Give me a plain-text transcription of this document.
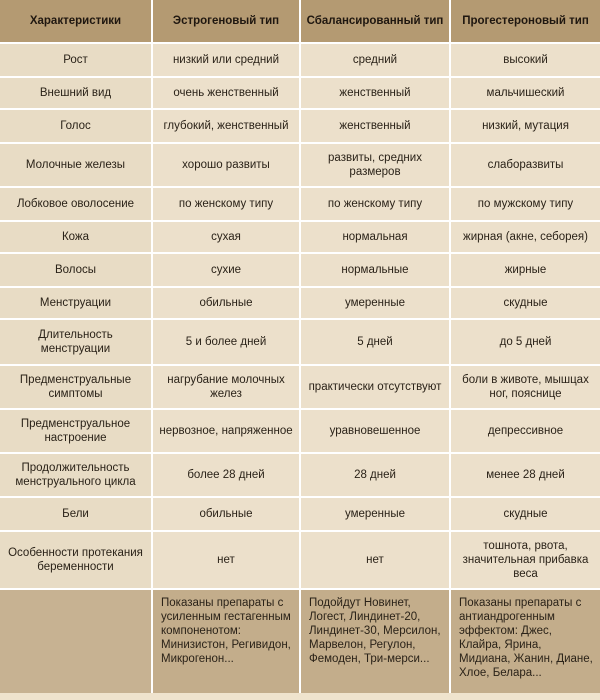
Характеристики	Эстрогеновый тип	Сбалансированный тип	Прогестероновый тип
Рост	низкий или средний	средний	высокий
Внешний вид	очень женственный	женственный	мальчишеский
Голос	глубокий, женственный	женственный	низкий, мутация
Молочные железы	хорошо развиты	развиты, средних размеров	слаборазвиты
Лобковое оволосение	по женскому типу	по женскому типу	по мужскому типу
Кожа	сухая	нормальная	жирная (акне, себорея)
Волосы	сухие	нормальные	жирные
Менструации	обильные	умеренные	скудные
Длительность менструации	5 и более дней	5 дней	до 5 дней
Предменструальные симптомы	нагрубание молочных желез	практически отсутствуют	боли в животе, мышцах ног, пояснице
Предменструальное настроение	нервозное, напряженное	уравновешенное	депрессивное
Продолжительность менструального цикла	более 28 дней	28 дней	менее 28 дней
Бели	обильные	умеренные	скудные
Особенности протекания беременности	нет	нет	тошнота, рвота, значительная прибавка веса
	Показаны препараты с усиленным гестагенным компоненотом: Минизистон, Регивидон, Микрогенон...	Подойдут Новинет, Логест, Линдинет-20, Линдинет-30, Мерсилон, Марвелон, Регулон, Фемоден, Три-мерси...	Показаны препараты с антиандрогенным эффектом: Джес, Клайра, Ярина, Мидиана, Жанин, Диане, Хлое, Белара...
